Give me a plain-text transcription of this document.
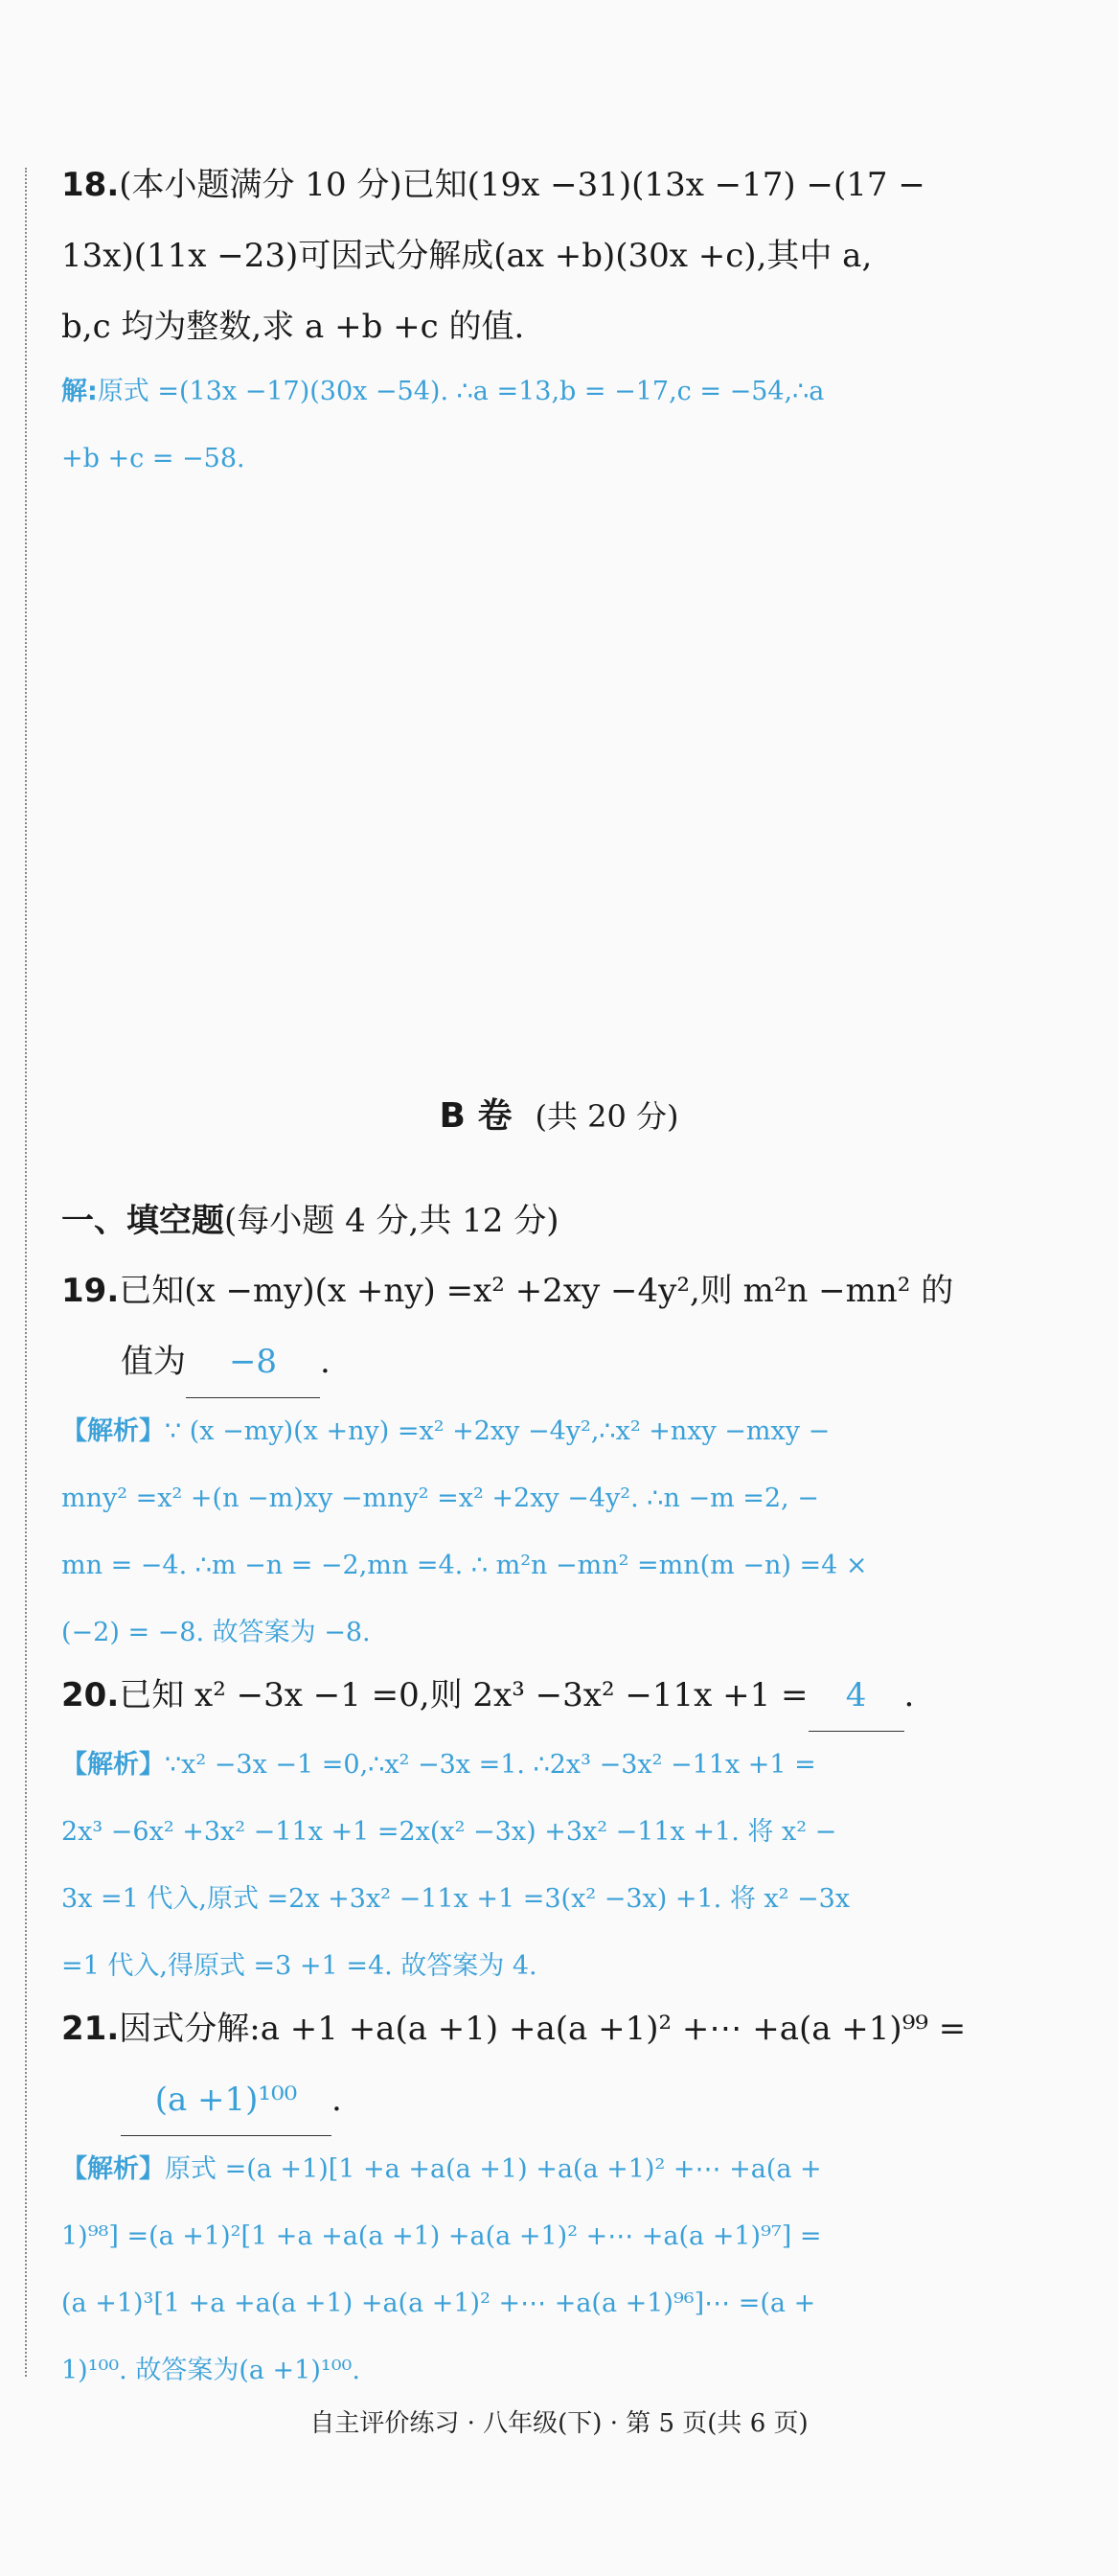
18.(本小题满分 10 分)已知(19x −31)(13x −17) −(17 −
13x)(11x −23)可因式分解成(ax +b)(30x +c),其中 a,
b,c 均为整数,求 a +b +c 的值.
解:原式 =(13x −17)(30x −54). ∴a =13,b = −17,c = −54,∴a
+b +c = −58.
B 卷 (共 20 分)
一、填空题(每小题 4 分,共 12 分)
19.已知(x −my)(x +ny) =x² +2xy −4y²,则 m²n −mn² 的
值为 −8 .
【解析】∵ (x −my)(x +ny) =x² +2xy −4y²,∴x² +nxy −mxy −
mny² =x² +(n −m)xy −mny² =x² +2xy −4y². ∴n −m =2, −
mn = −4. ∴m −n = −2,mn =4. ∴ m²n −mn² =mn(m −n) =4 ×
(−2) = −8. 故答案为 −8.
20.已知 x² −3x −1 =0,则 2x³ −3x² −11x +1 = 4 .
【解析】∵x² −3x −1 =0,∴x² −3x =1. ∴2x³ −3x² −11x +1 =
2x³ −6x² +3x² −11x +1 =2x(x² −3x) +3x² −11x +1. 将 x² −
3x =1 代入,原式 =2x +3x² −11x +1 =3(x² −3x) +1. 将 x² −3x
=1 代入,得原式 =3 +1 =4. 故答案为 4.
21.因式分解:a +1 +a(a +1) +a(a +1)² +⋯ +a(a +1)⁹⁹ =
(a +1)¹⁰⁰ .
【解析】原式 =(a +1)[1 +a +a(a +1) +a(a +1)² +⋯ +a(a +
1)⁹⁸] =(a +1)²[1 +a +a(a +1) +a(a +1)² +⋯ +a(a +1)⁹⁷] =
(a +1)³[1 +a +a(a +1) +a(a +1)² +⋯ +a(a +1)⁹⁶]⋯ =(a +
1)¹⁰⁰. 故答案为(a +1)¹⁰⁰.
自主评价练习 · 八年级(下) · 第 5 页(共 6 页)
